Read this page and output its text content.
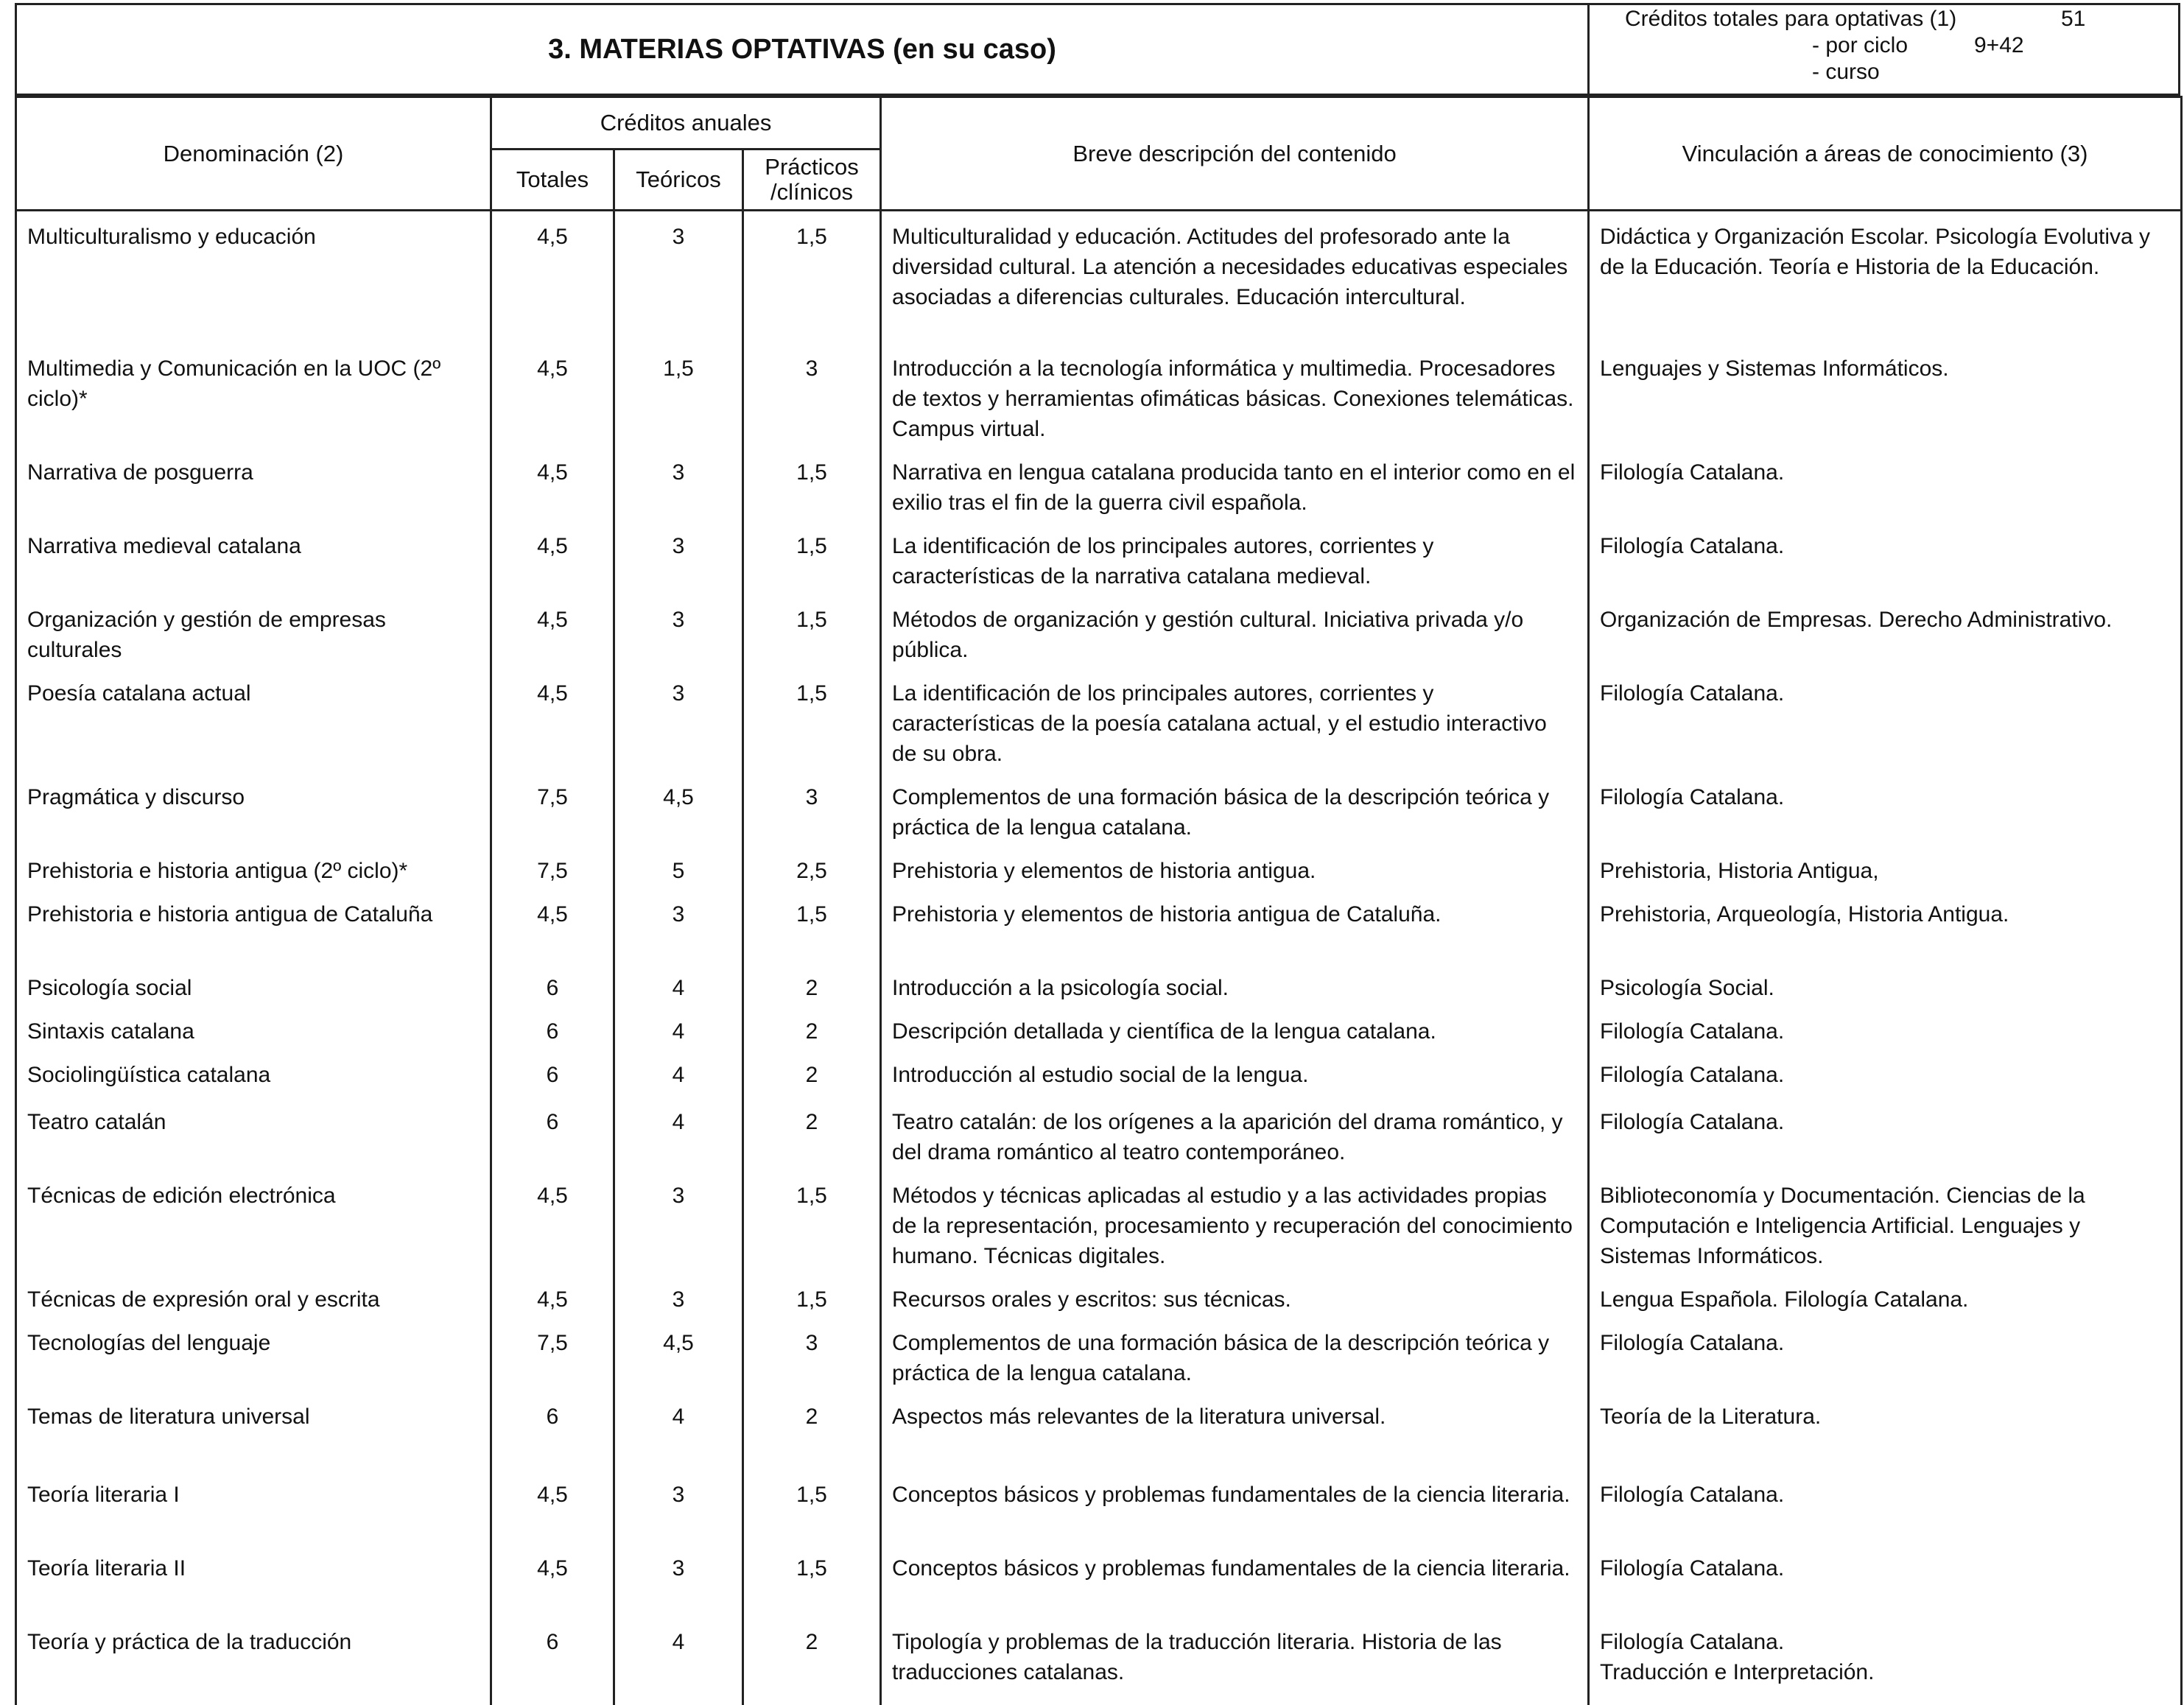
3. MATERIAS OPTATIVAS (en su caso)
Créditos totales para optativas (1)	51
- por ciclo	9+42
- curso
Denominación (2)	Créditos anuales			Breve descripción del contenido	Vinculación a áreas de conocimiento (3)
	Totales	Teóricos	Prácticos /clínicos		
Multiculturalismo y educación	4,5	3	1,5	Multiculturalidad y educación. Actitudes del profesorado ante la diversidad cultural. La atención a necesidades educativas especiales asociadas a diferencias culturales. Educación intercultural.	Didáctica y Organización Escolar. Psicología Evolutiva y de la Educación. Teoría e Historia de la Educación.
Multimedia y Comunicación en la UOC (2º ciclo)*	4,5	1,5	3	Introducción a la tecnología informática y multimedia. Procesadores de textos y herramientas ofimáticas básicas. Conexiones telemáticas. Campus virtual.	Lenguajes y Sistemas Informáticos.
Narrativa de posguerra	4,5	3	1,5	Narrativa en lengua catalana producida tanto en el interior como en el exilio tras el fin de la guerra civil española.	Filología Catalana.
Narrativa medieval catalana	4,5	3	1,5	La identificación de los principales autores, corrientes y características de la narrativa catalana medieval.	Filología Catalana.
Organización y gestión de empresas culturales	4,5	3	1,5	Métodos de organización y gestión cultural. Iniciativa privada y/o pública.	Organización de Empresas. Derecho Administrativo.
Poesía catalana actual	4,5	3	1,5	La identificación de los principales autores, corrientes y características de la poesía catalana actual, y el estudio interactivo de su obra.	Filología Catalana.
Pragmática y discurso	7,5	4,5	3	Complementos de una formación básica de la descripción teórica y práctica de la lengua catalana.	Filología Catalana.
Prehistoria e historia antigua (2º ciclo)*	7,5	5	2,5	Prehistoria y elementos de historia antigua.	Prehistoria, Historia Antigua,
Prehistoria e historia antigua de Cataluña	4,5	3	1,5	Prehistoria y elementos de historia antigua de Cataluña.	Prehistoria, Arqueología, Historia Antigua.
Psicología social	6	4	2	Introducción a la psicología social.	Psicología Social.
Sintaxis catalana	6	4	2	Descripción detallada y científica de la lengua catalana.	Filología Catalana.
Sociolingüística catalana	6	4	2	Introducción al estudio social de la lengua.	Filología Catalana.
Teatro catalán	6	4	2	Teatro catalán: de los orígenes a la aparición del drama romántico, y del drama romántico al teatro contemporáneo.	Filología Catalana.
Técnicas de edición electrónica	4,5	3	1,5	Métodos y técnicas aplicadas al estudio y a las actividades propias de la representación, procesamiento y recuperación del conocimiento humano. Técnicas digitales.	Biblioteconomía y Documentación. Ciencias de la Computación e Inteligencia Artificial. Lenguajes y Sistemas Informáticos.
Técnicas de expresión oral y escrita	4,5	3	1,5	Recursos orales y escritos: sus técnicas.	Lengua Española. Filología Catalana.
Tecnologías del lenguaje	7,5	4,5	3	Complementos de una formación básica de la descripción teórica y práctica de la lengua catalana.	Filología Catalana.
Temas de literatura universal	6	4	2	Aspectos más relevantes de la literatura universal.	Teoría de la Literatura.
Teoría literaria I	4,5	3	1,5	Conceptos básicos y problemas fundamentales de la ciencia literaria.	Filología Catalana.
Teoría literaria II	4,5	3	1,5	Conceptos básicos y problemas fundamentales de la ciencia literaria.	Filología Catalana.
Teoría y práctica de la traducción	6	4	2	Tipología y problemas de la traducción literaria. Historia de las traducciones catalanas.	Filología Catalana.
Traducción e Interpretación.
